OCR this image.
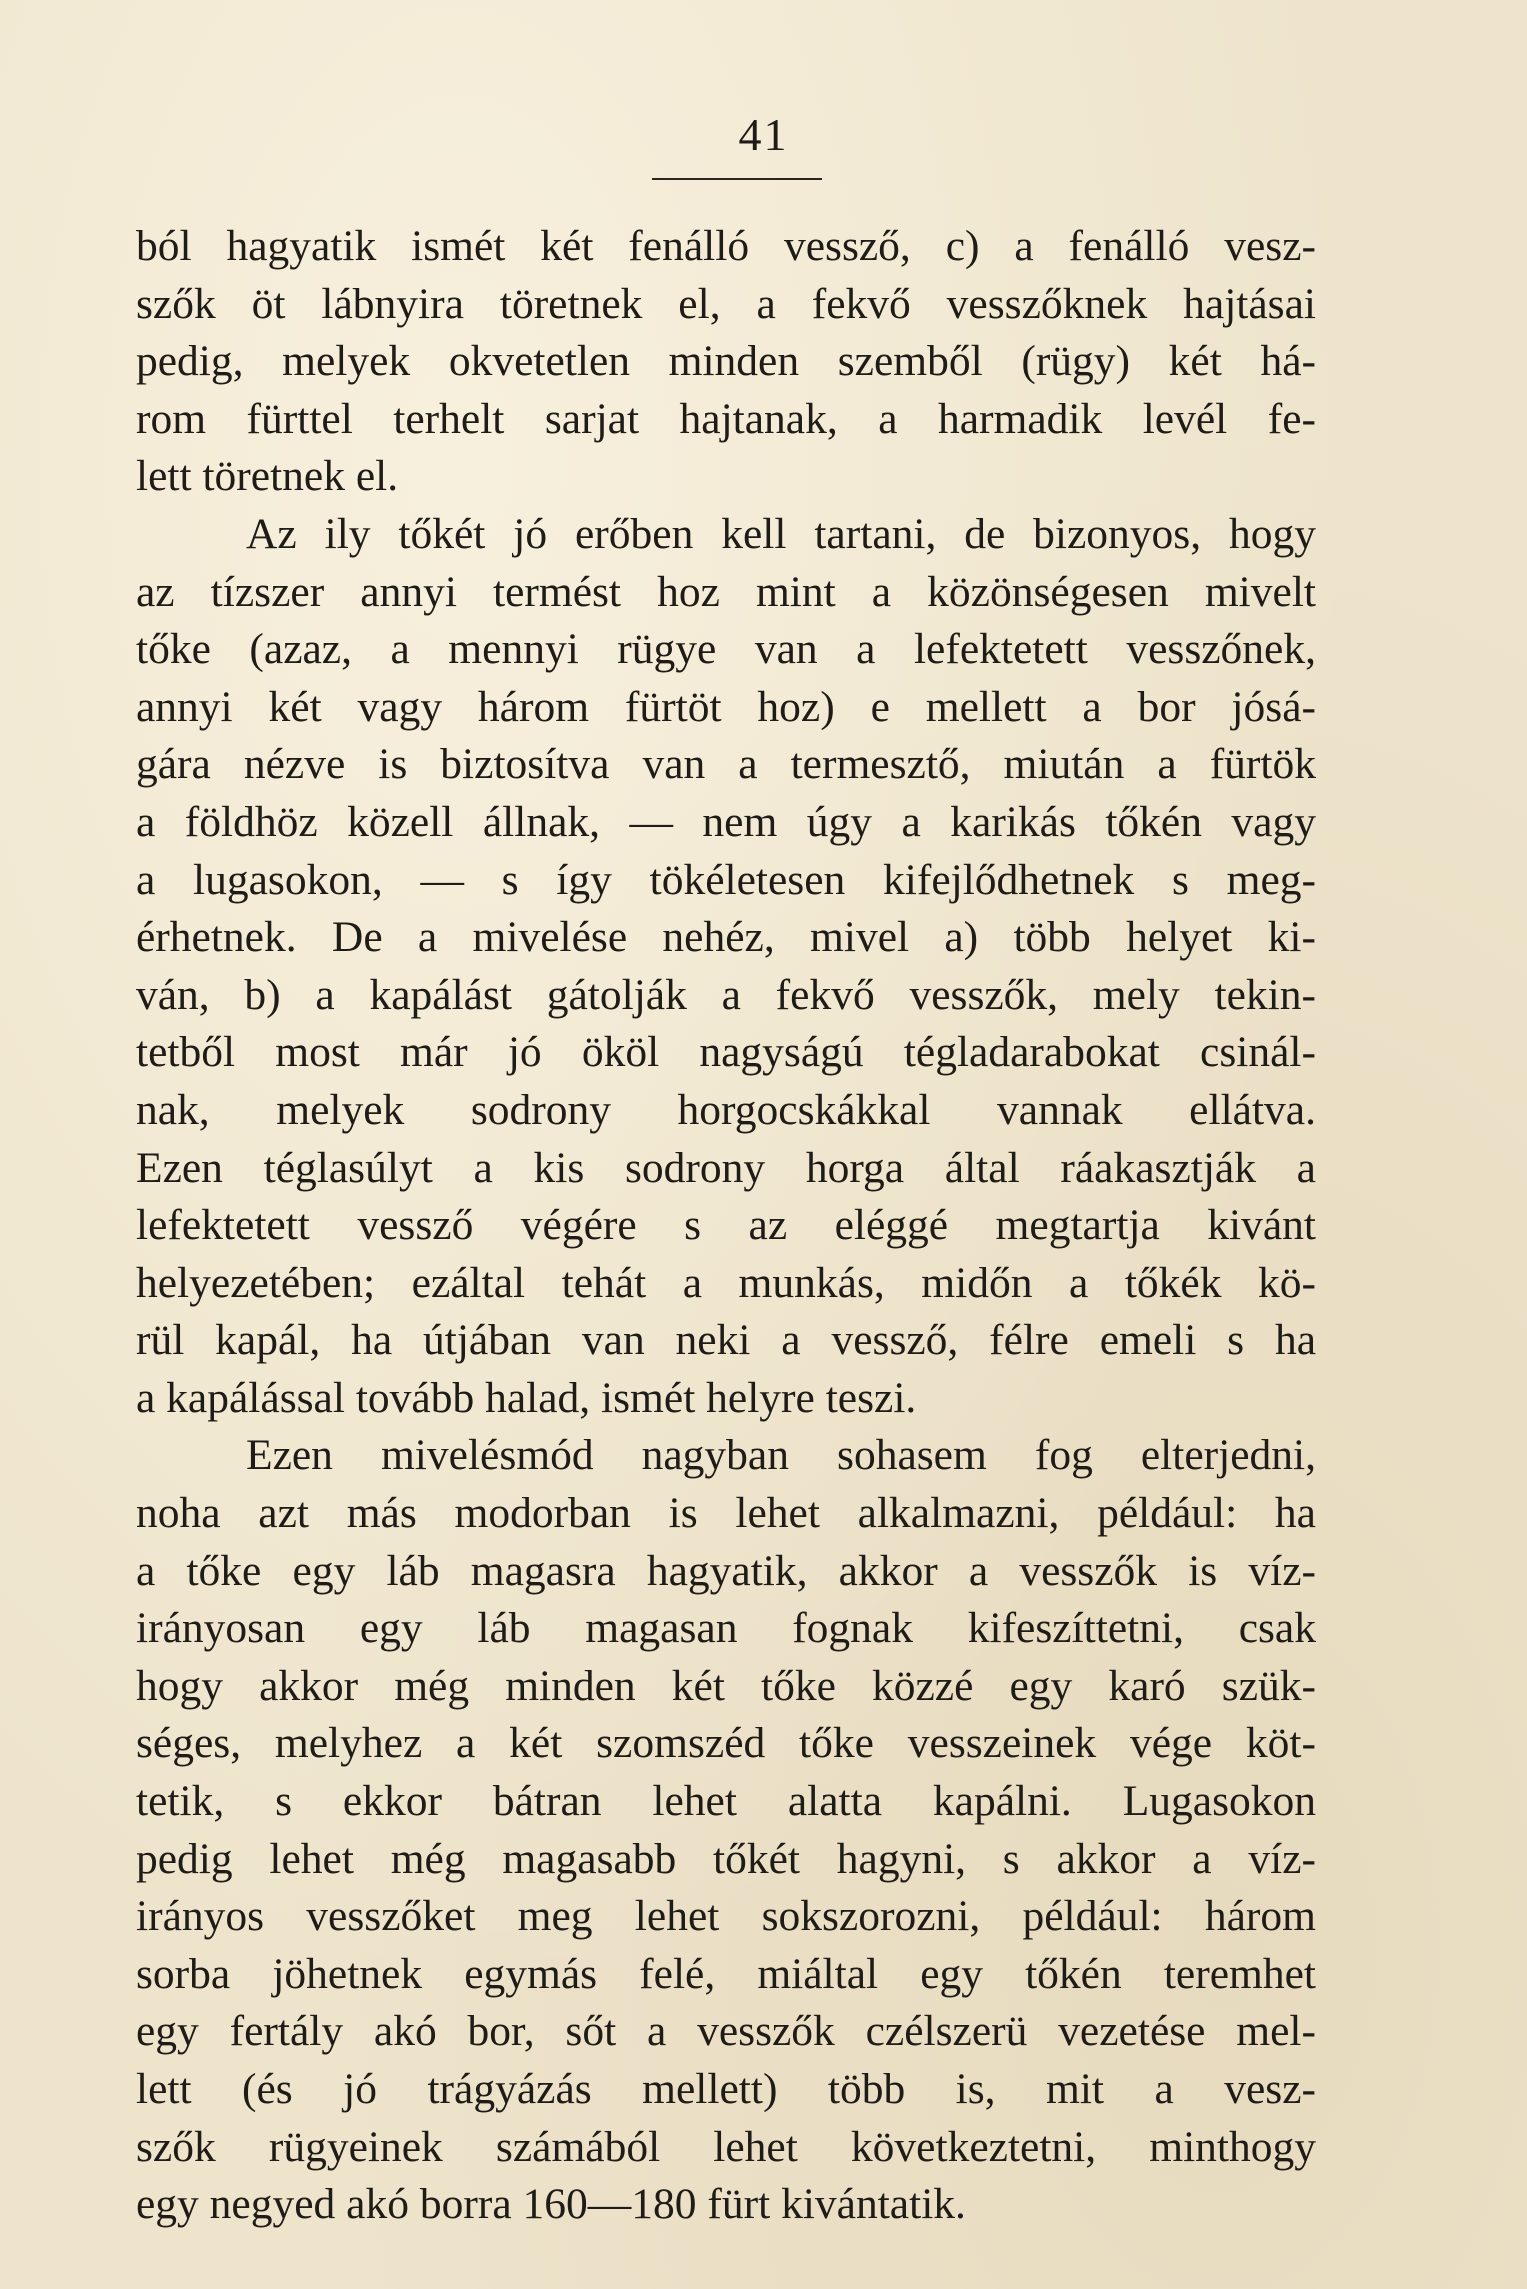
41
ból hagyatik ismét két fenálló vessző, c) a fenálló vesz-
szők öt lábnyira töretnek el, a fekvő vesszőknek hajtásai
pedig, melyek okvetetlen minden szemből (rügy) két há-
rom fürttel terhelt sarjat hajtanak, a harmadik levél fe-
lett töretnek el.
Az ily tőkét jó erőben kell tartani, de bizonyos, hogy
az tízszer annyi termést hoz mint a közönségesen mivelt
tőke (azaz, a mennyi rügye van a lefektetett vesszőnek,
annyi két vagy három fürtöt hoz) e mellett a bor jósá-
gára nézve is biztosítva van a termesztő, miután a fürtök
a földhöz közell állnak, — nem úgy a karikás tőkén vagy
a lugasokon, — s így tökéletesen kifejlődhetnek s meg-
érhetnek. De a mivelése nehéz, mivel a) több helyet ki-
ván, b) a kapálást gátolják a fekvő vesszők, mely tekin-
tetből most már jó ököl nagyságú tégladarabokat csinál-
nak, melyek sodrony horgocskákkal vannak ellátva.
Ezen téglasúlyt a kis sodrony horga által ráakasztják a
lefektetett vessző végére s az eléggé megtartja kivánt
helyezetében; ezáltal tehát a munkás, midőn a tőkék kö-
rül kapál, ha útjában van neki a vessző, félre emeli s ha
a kapálással tovább halad, ismét helyre teszi.
Ezen mivelésmód nagyban sohasem fog elterjedni,
noha azt más modorban is lehet alkalmazni, például: ha
a tőke egy láb magasra hagyatik, akkor a vesszők is víz-
irányosan egy láb magasan fognak kifeszíttetni, csak
hogy akkor még minden két tőke közzé egy karó szük-
séges, melyhez a két szomszéd tőke vesszeinek vége köt-
tetik, s ekkor bátran lehet alatta kapálni. Lugasokon
pedig lehet még magasabb tőkét hagyni, s akkor a víz-
irányos vesszőket meg lehet sokszorozni, például: három
sorba jöhetnek egymás felé, miáltal egy tőkén teremhet
egy fertály akó bor, sőt a vesszők czélszerü vezetése mel-
lett (és jó trágyázás mellett) több is, mit a vesz-
szők rügyeinek számából lehet következtetni, minthogy
egy negyed akó borra 160—180 fürt kivántatik.
